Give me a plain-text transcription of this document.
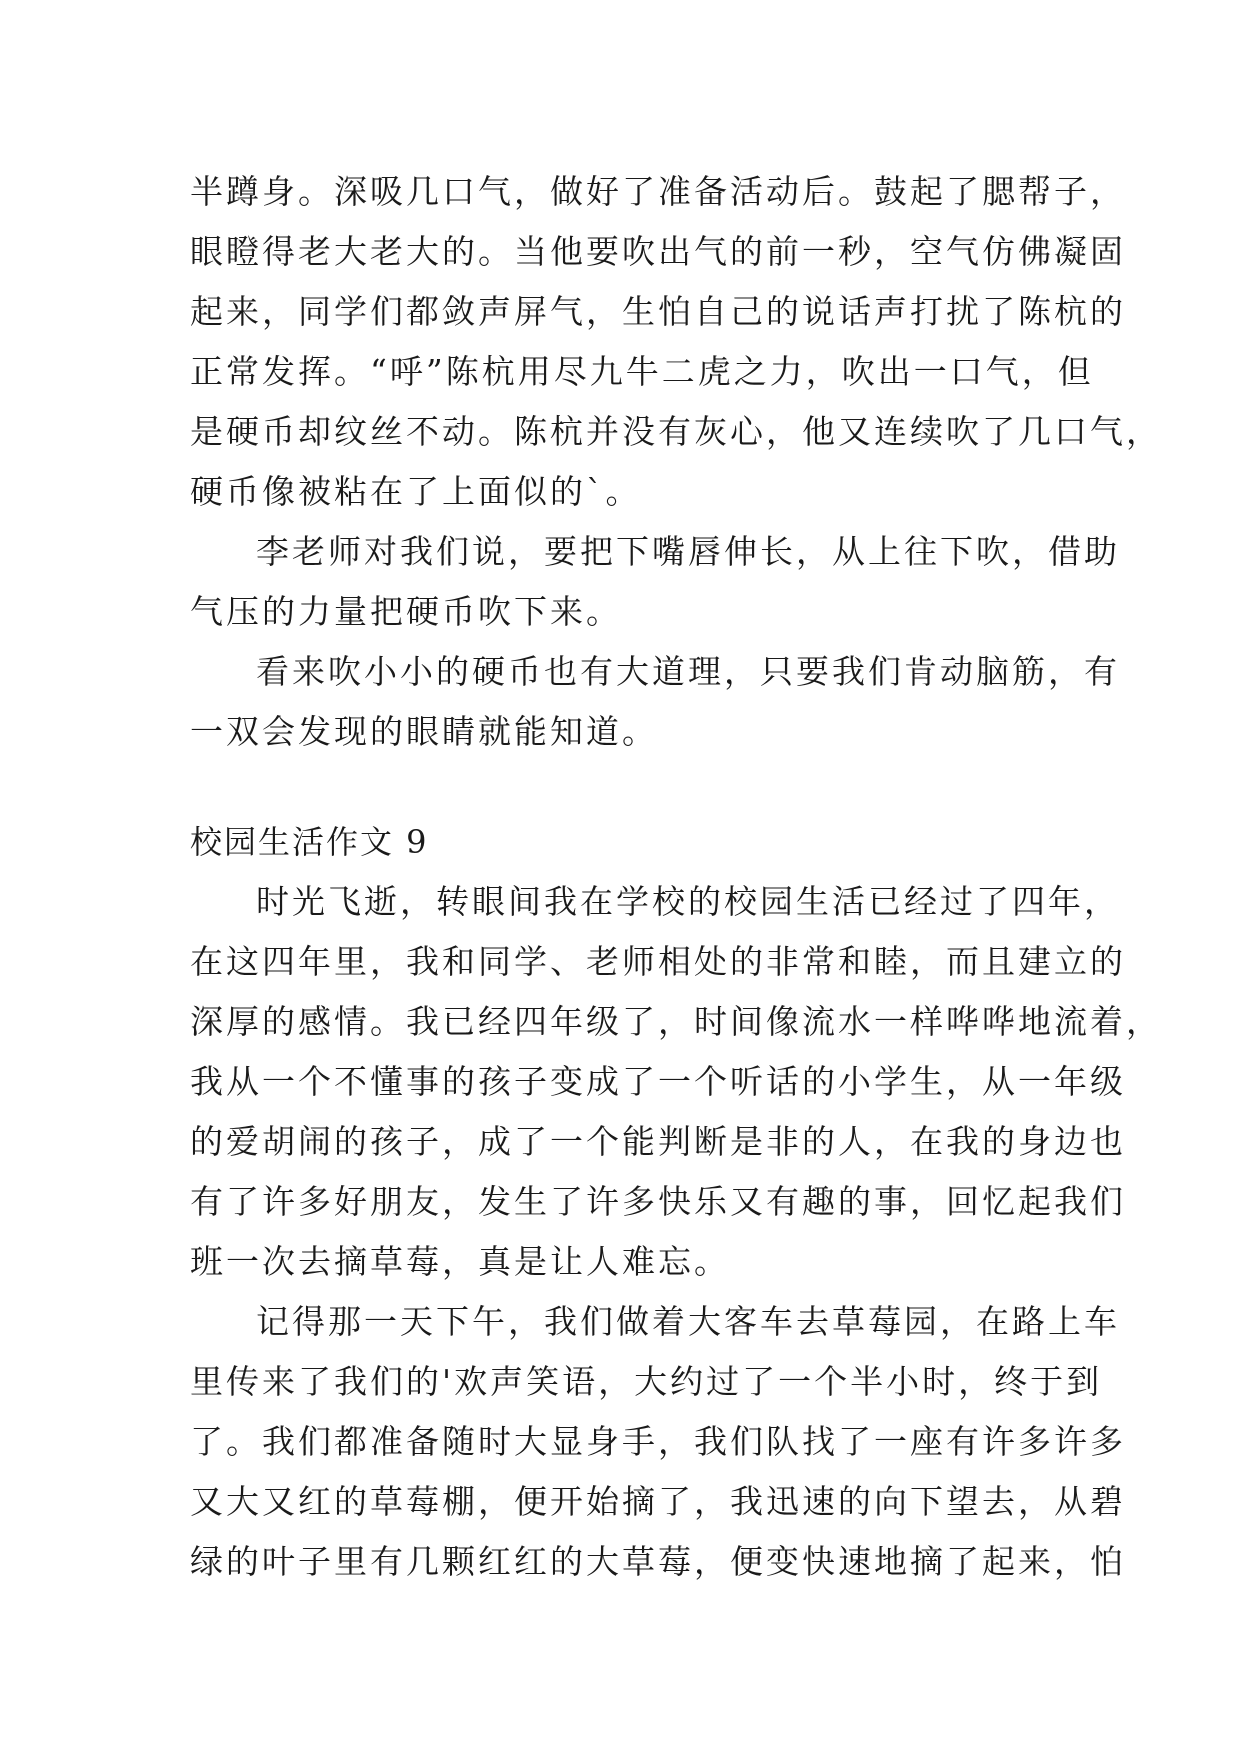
半蹲身。深吸几口气，做好了准备活动后。鼓起了腮帮子，
眼瞪得老大老大的。当他要吹出气的前一秒，空气仿佛凝固
起来，同学们都敛声屏气，生怕自己的说话声打扰了陈杭的
正常发挥。“呼”陈杭用尽九牛二虎之力，吹出一口气，但
是硬币却纹丝不动。陈杭并没有灰心，他又连续吹了几口气，
硬币像被粘在了上面似的`。
李老师对我们说，要把下嘴唇伸长，从上往下吹，借助
气压的力量把硬币吹下来。
看来吹小小的硬币也有大道理，只要我们肯动脑筋，有
一双会发现的眼睛就能知道。
校园生活作文 9
时光飞逝，转眼间我在学校的校园生活已经过了四年，
在这四年里，我和同学、老师相处的非常和睦，而且建立的
深厚的感情。我已经四年级了，时间像流水一样哗哗地流着，
我从一个不懂事的孩子变成了一个听话的小学生，从一年级
的爱胡闹的孩子，成了一个能判断是非的人，在我的身边也
有了许多好朋友，发生了许多快乐又有趣的事，回忆起我们
班一次去摘草莓，真是让人难忘。
记得那一天下午，我们做着大客车去草莓园，在路上车
里传来了我们的'欢声笑语，大约过了一个半小时，终于到
了。我们都准备随时大显身手，我们队找了一座有许多许多
又大又红的草莓棚，便开始摘了，我迅速的向下望去，从碧
绿的叶子里有几颗红红的大草莓，便变快速地摘了起来，怕
